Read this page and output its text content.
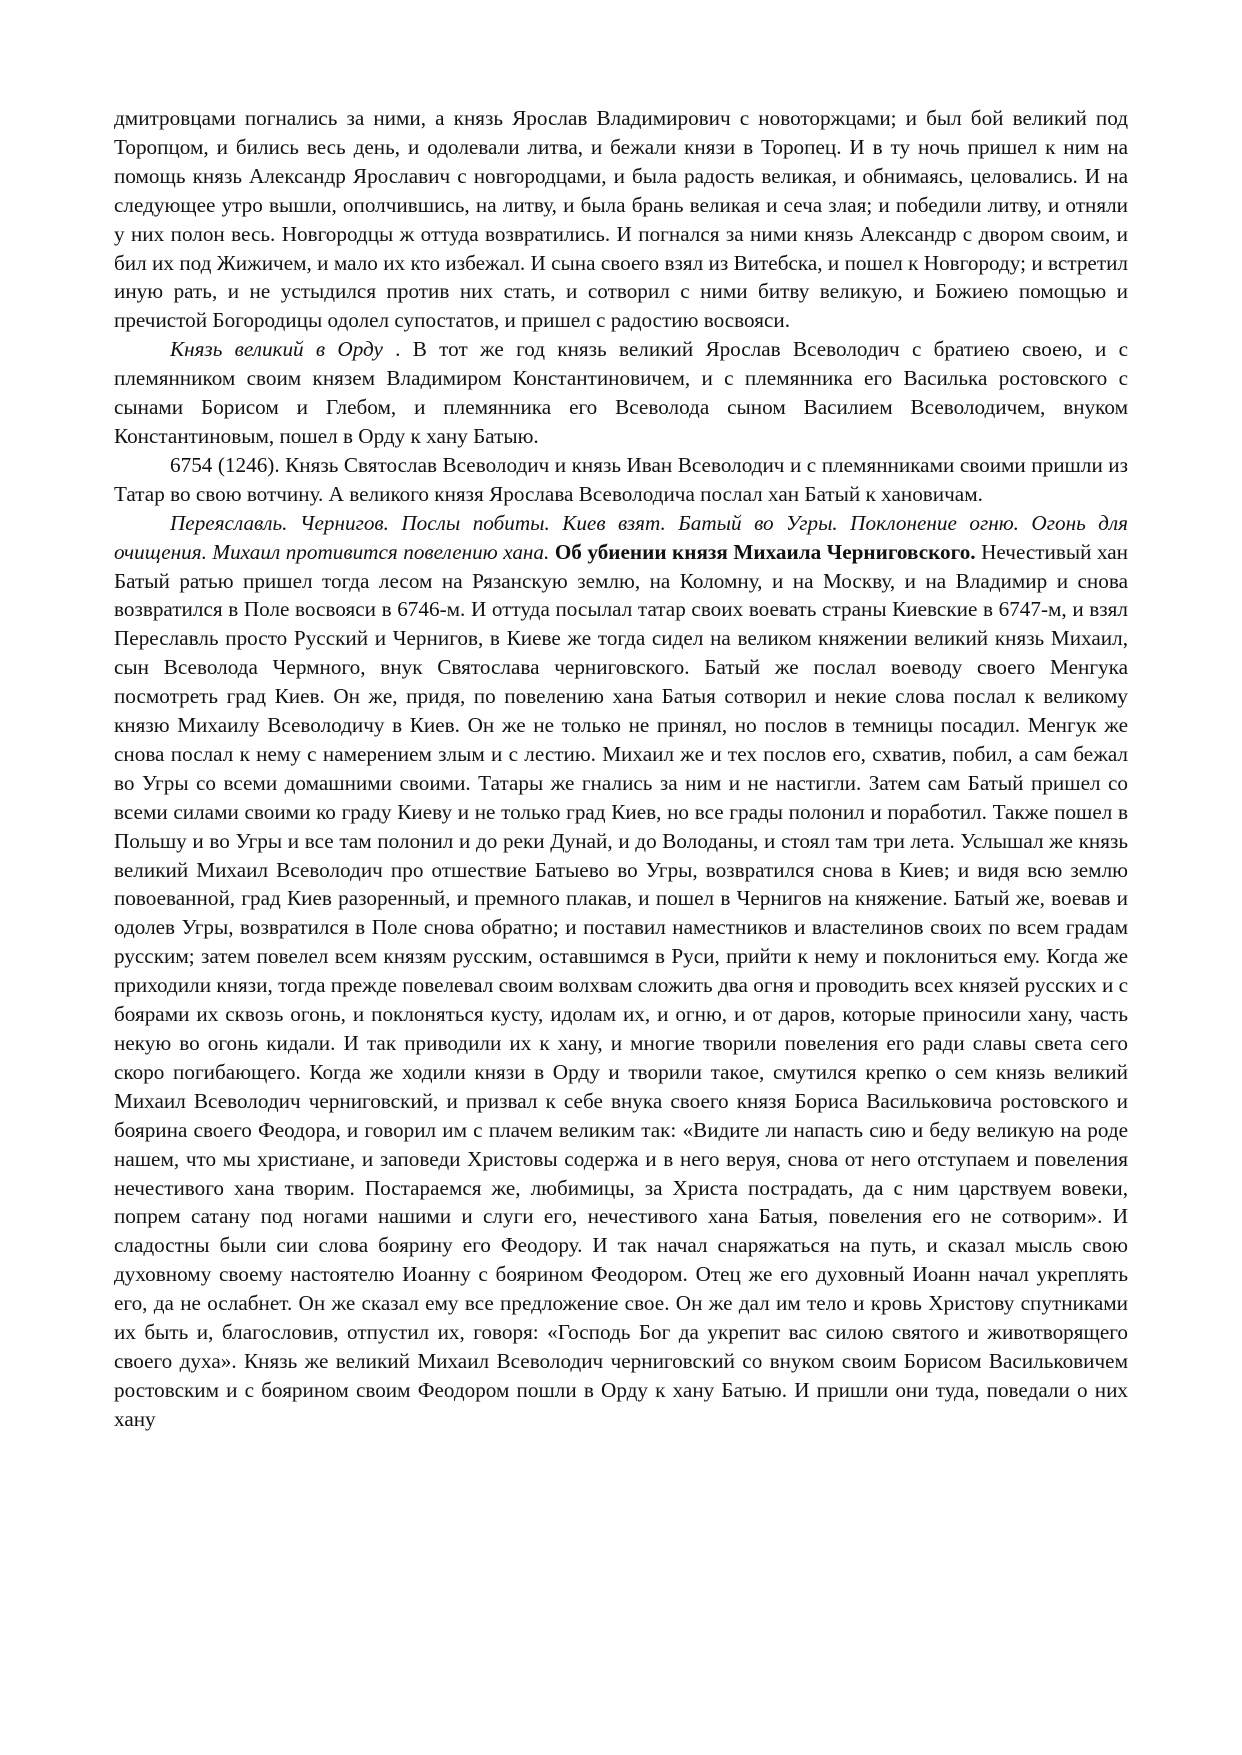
дмитровцами погнались за ними, а князь Ярослав Владимирович с новоторжцами; и был бой великий под Торопцом, и бились весь день, и одолевали литва, и бежали князи в Торопец. И в ту ночь пришел к ним на помощь князь Александр Ярославич с новгородцами, и была радость великая, и обнимаясь, целовались. И на следующее утро вышли, ополчившись, на литву, и была брань великая и сеча злая; и победили литву, и отняли у них полон весь. Новгородцы ж оттуда возвратились. И погнался за ними князь Александр с двором своим, и бил их под Жижичем, и мало их кто избежал. И сына своего взял из Витебска, и пошел к Новгороду; и встретил иную рать, и не устыдился против них стать, и сотворил с ними битву великую, и Божиею помощью и пречистой Богородицы одолел супостатов, и пришел с радостию восвояси.

Князь великий в Орду . В тот же год князь великий Ярослав Всеволодич с братиею своею, и с племянником своим князем Владимиром Константиновичем, и с племянника его Василька ростовского с сынами Борисом и Глебом, и племянника его Всеволода сыном Василием Всеволодичем, внуком Константиновым, пошел в Орду к хану Батыю.

6754 (1246). Князь Святослав Всеволодич и князь Иван Всеволодич и с племянниками своими пришли из Татар во свою вотчину. А великого князя Ярослава Всеволодича послал хан Батый к хановичам.

Переяславль. Чернигов. Послы побиты. Киев взят. Батый во Угры. Поклонение огню. Огонь для очищения. Михаил противится повелению хана. Об убиении князя Михаила Черниговского. Нечестивый хан Батый ратью пришел тогда лесом на Рязанскую землю, на Коломну, и на Москву, и на Владимир и снова возвратился в Поле восвояси в 6746-м. И оттуда посылал татар своих воевать страны Киевские в 6747-м, и взял Переславль просто Русский и Чернигов, в Киеве же тогда сидел на великом княжении великий князь Михаил, сын Всеволода Чермного, внук Святослава черниговского. Батый же послал воеводу своего Менгука посмотреть град Киев. Он же, придя, по повелению хана Батыя сотворил и некие слова послал к великому князю Михаилу Всеволодичу в Киев. Он же не только не принял, но послов в темницы посадил. Менгук же снова послал к нему с намерением злым и с лестию. Михаил же и тех послов его, схватив, побил, а сам бежал во Угры со всеми домашними своими. Татары же гнались за ним и не настигли. Затем сам Батый пришел со всеми силами своими ко граду Киеву и не только град Киев, но все грады полонил и поработил. Также пошел в Польшу и во Угры и все там полонил и до реки Дунай, и до Володаны, и стоял там три лета. Услышал же князь великий Михаил Всеволодич про отшествие Батыево во Угры, возвратился снова в Киев; и видя всю землю повоеванной, град Киев разоренный, и премного плакав, и пошел в Чернигов на княжение. Батый же, воевав и одолев Угры, возвратился в Поле снова обратно; и поставил наместников и властелинов своих по всем градам русским; затем повелел всем князям русским, оставшимся в Руси, прийти к нему и поклониться ему. Когда же приходили князи, тогда прежде повелевал своим волхвам сложить два огня и проводить всех князей русских и с боярами их сквозь огонь, и поклоняться кусту, идолам их, и огню, и от даров, которые приносили хану, часть некую во огонь кидали. И так приводили их к хану, и многие творили повеления его ради славы света сего скоро погибающего. Когда же ходили князи в Орду и творили такое, смутился крепко о сем князь великий Михаил Всеволодич черниговский, и призвал к себе внука своего князя Бориса Васильковича ростовского и боярина своего Феодора, и говорил им с плачем великим так: «Видите ли напасть сию и беду великую на роде нашем, что мы христиане, и заповеди Христовы содержа и в него веруя, снова от него отступаем и повеления нечестивого хана творим. Постараемся же, любимицы, за Христа пострадать, да с ним царствуем вовеки, попрем сатану под ногами нашими и слуги его, нечестивого хана Батыя, повеления его не сотворим». И сладостны были сии слова боярину его Феодору. И так начал снаряжаться на путь, и сказал мысль свою духовному своему настоятелю Иоанну с боярином Феодором. Отец же его духовный Иоанн начал укреплять его, да не ослабнет. Он же сказал ему все предложение свое. Он же дал им тело и кровь Христову спутниками их быть и, благословив, отпустил их, говоря: «Господь Бог да укрепит вас силою святого и животворящего своего духа». Князь же великий Михаил Всеволодич черниговский со внуком своим Борисом Васильковичем ростовским и с боярином своим Феодором пошли в Орду к хану Батыю. И пришли они туда, поведали о них хану
